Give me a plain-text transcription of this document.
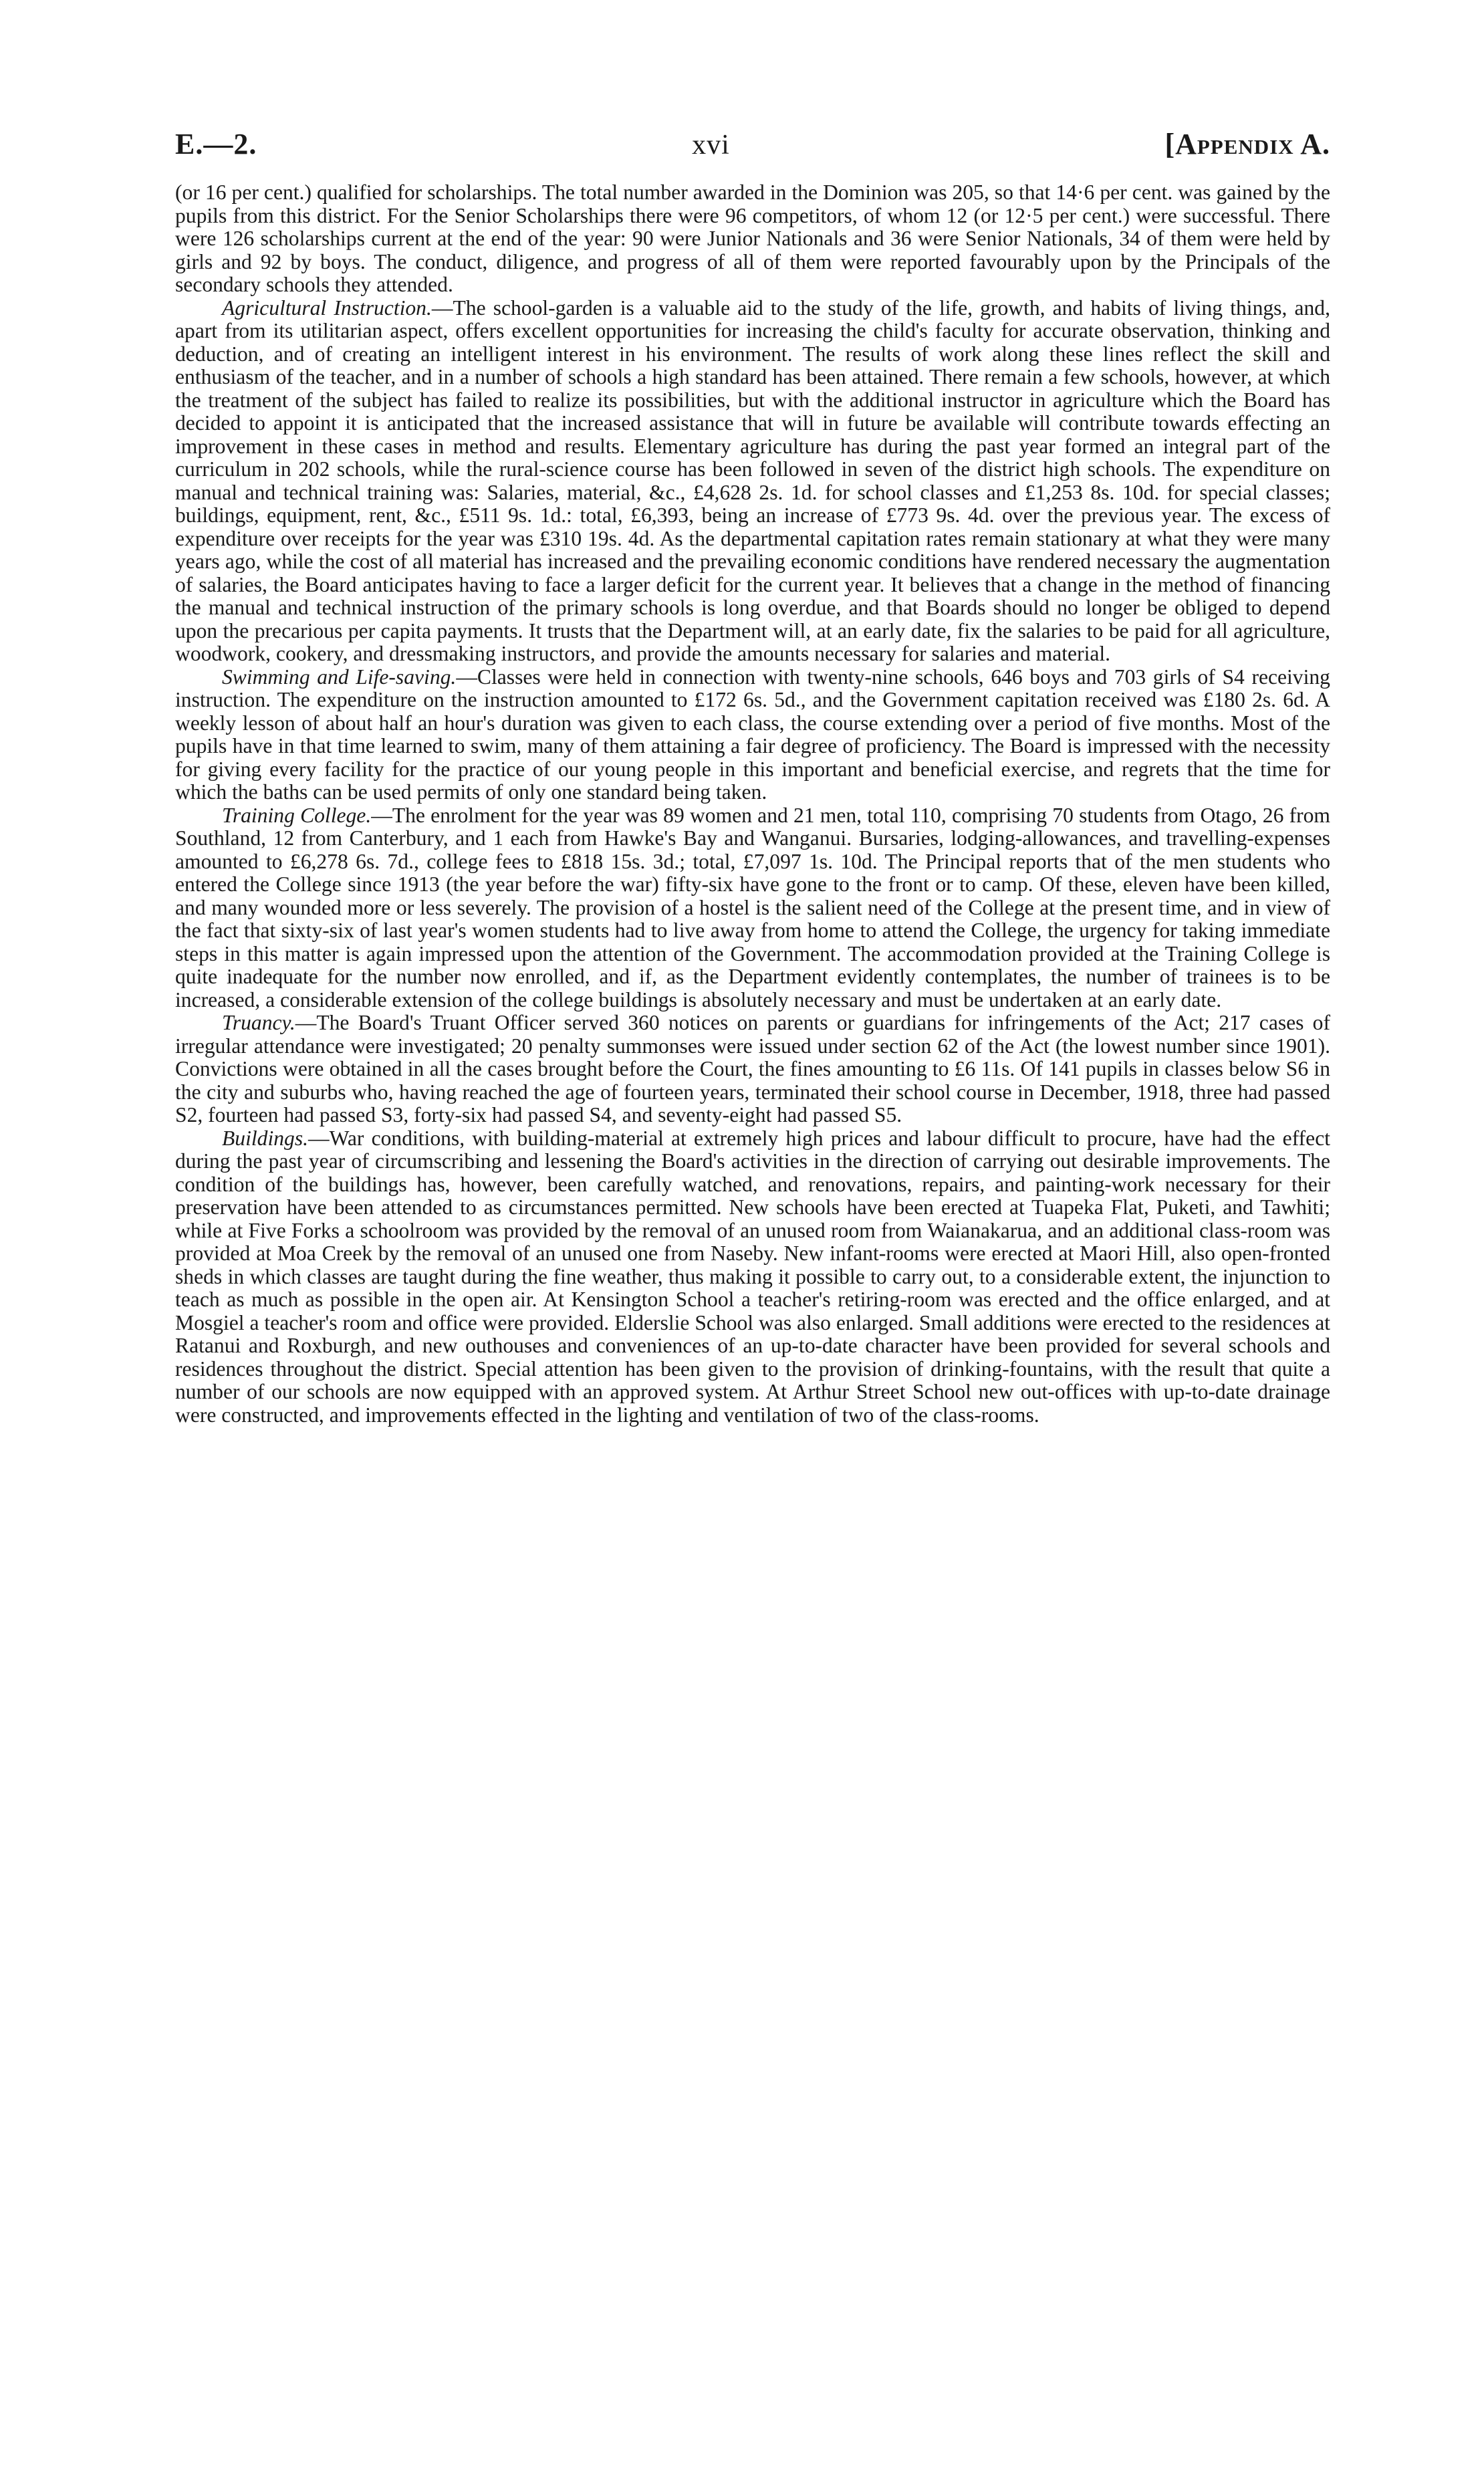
E.—2.	xvi	[Appendix A.

(or 16 per cent.) qualified for scholarships. The total number awarded in the Dominion was 205, so that 14·6 per cent. was gained by the pupils from this district. For the Senior Scholarships there were 96 competitors, of whom 12 (or 12·5 per cent.) were successful. There were 126 scholarships current at the end of the year: 90 were Junior Nationals and 36 were Senior Nationals, 34 of them were held by girls and 92 by boys. The conduct, diligence, and progress of all of them were reported favourably upon by the Principals of the secondary schools they attended.

Agricultural Instruction.—The school-garden is a valuable aid to the study of the life, growth, and habits of living things, and, apart from its utilitarian aspect, offers excellent opportunities for increasing the child's faculty for accurate observation, thinking and deduction, and of creating an intelligent interest in his environment. The results of work along these lines reflect the skill and enthusiasm of the teacher, and in a number of schools a high standard has been attained. There remain a few schools, however, at which the treatment of the subject has failed to realize its possibilities, but with the additional instructor in agriculture which the Board has decided to appoint it is anticipated that the increased assistance that will in future be available will contribute towards effecting an improvement in these cases in method and results. Elementary agriculture has during the past year formed an integral part of the curriculum in 202 schools, while the rural-science course has been followed in seven of the district high schools. The expenditure on manual and technical training was: Salaries, material, &c., £4,628 2s. 1d. for school classes and £1,253 8s. 10d. for special classes; buildings, equipment, rent, &c., £511 9s. 1d.: total, £6,393, being an increase of £773 9s. 4d. over the previous year. The excess of expenditure over receipts for the year was £310 19s. 4d. As the departmental capitation rates remain stationary at what they were many years ago, while the cost of all material has increased and the prevailing economic conditions have rendered necessary the augmentation of salaries, the Board anticipates having to face a larger deficit for the current year. It believes that a change in the method of financing the manual and technical instruction of the primary schools is long overdue, and that Boards should no longer be obliged to depend upon the precarious per capita payments. It trusts that the Department will, at an early date, fix the salaries to be paid for all agriculture, woodwork, cookery, and dressmaking instructors, and provide the amounts necessary for salaries and material.

Swimming and Life-saving.—Classes were held in connection with twenty-nine schools, 646 boys and 703 girls of S4 receiving instruction. The expenditure on the instruction amounted to £172 6s. 5d., and the Government capitation received was £180 2s. 6d. A weekly lesson of about half an hour's duration was given to each class, the course extending over a period of five months. Most of the pupils have in that time learned to swim, many of them attaining a fair degree of proficiency. The Board is impressed with the necessity for giving every facility for the practice of our young people in this important and beneficial exercise, and regrets that the time for which the baths can be used permits of only one standard being taken.

Training College.—The enrolment for the year was 89 women and 21 men, total 110, comprising 70 students from Otago, 26 from Southland, 12 from Canterbury, and 1 each from Hawke's Bay and Wanganui. Bursaries, lodging-allowances, and travelling-expenses amounted to £6,278 6s. 7d., college fees to £818 15s. 3d.; total, £7,097 1s. 10d. The Principal reports that of the men students who entered the College since 1913 (the year before the war) fifty-six have gone to the front or to camp. Of these, eleven have been killed, and many wounded more or less severely. The provision of a hostel is the salient need of the College at the present time, and in view of the fact that sixty-six of last year's women students had to live away from home to attend the College, the urgency for taking immediate steps in this matter is again impressed upon the attention of the Government. The accommodation provided at the Training College is quite inadequate for the number now enrolled, and if, as the Department evidently contemplates, the number of trainees is to be increased, a considerable extension of the college buildings is absolutely necessary and must be undertaken at an early date.

Truancy.—The Board's Truant Officer served 360 notices on parents or guardians for infringements of the Act; 217 cases of irregular attendance were investigated; 20 penalty summonses were issued under section 62 of the Act (the lowest number since 1901). Convictions were obtained in all the cases brought before the Court, the fines amounting to £6 11s. Of 141 pupils in classes below S6 in the city and suburbs who, having reached the age of fourteen years, terminated their school course in December, 1918, three had passed S2, fourteen had passed S3, forty-six had passed S4, and seventy-eight had passed S5.

Buildings.—War conditions, with building-material at extremely high prices and labour difficult to procure, have had the effect during the past year of circumscribing and lessening the Board's activities in the direction of carrying out desirable improvements. The condition of the buildings has, however, been carefully watched, and renovations, repairs, and painting-work necessary for their preservation have been attended to as circumstances permitted. New schools have been erected at Tuapeka Flat, Puketi, and Tawhiti; while at Five Forks a schoolroom was provided by the removal of an unused room from Waianakarua, and an additional class-room was provided at Moa Creek by the removal of an unused one from Naseby. New infant-rooms were erected at Maori Hill, also open-fronted sheds in which classes are taught during the fine weather, thus making it possible to carry out, to a considerable extent, the injunction to teach as much as possible in the open air. At Kensington School a teacher's retiring-room was erected and the office enlarged, and at Mosgiel a teacher's room and office were provided. Elderslie School was also enlarged. Small additions were erected to the residences at Ratanui and Roxburgh, and new outhouses and conveniences of an up-to-date character have been provided for several schools and residences throughout the district. Special attention has been given to the provision of drinking-fountains, with the result that quite a number of our schools are now equipped with an approved system. At Arthur Street School new out-offices with up-to-date drainage were constructed, and improvements effected in the lighting and ventilation of two of the class-rooms.
